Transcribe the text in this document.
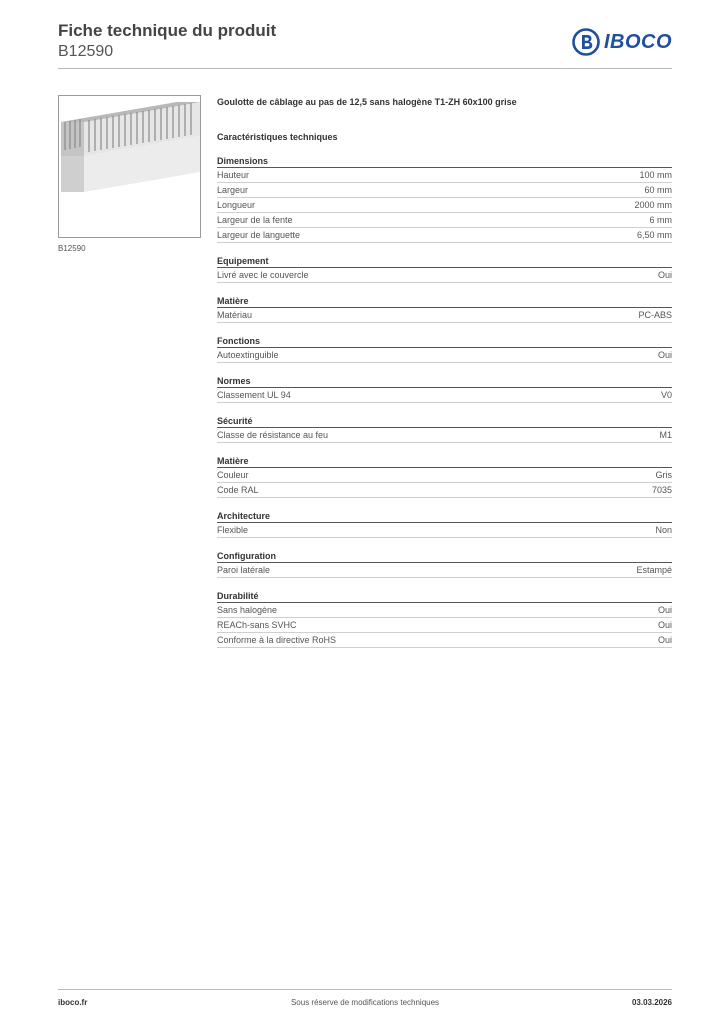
Fiche technique du produit
B12590	IBOCO
B12590
Goulotte de câblage au pas de 12,5 sans halogène T1-ZH 60x100 grise
Caractéristiques techniques
Dimensions
Hauteur	100 mm
Largeur	60 mm
Longueur	2000 mm
Largeur de la fente	6 mm
Largeur de languette	6,50 mm
Equipement
Livré avec le couvercle	Oui
Matière
Matériau	PC-ABS
Fonctions
Autoextinguible	Oui
Normes
Classement UL 94	V0
Sécurité
Classe de résistance au feu	M1
Matière
Couleur	Gris
Code RAL	7035
Architecture
Flexible	Non
Configuration
Paroi latérale	Estampé
Durabilité
Sans halogène	Oui
REACh-sans SVHC	Oui
Conforme à la directive RoHS	Oui
iboco.fr	Sous réserve de modifications techniques	03.03.2026
